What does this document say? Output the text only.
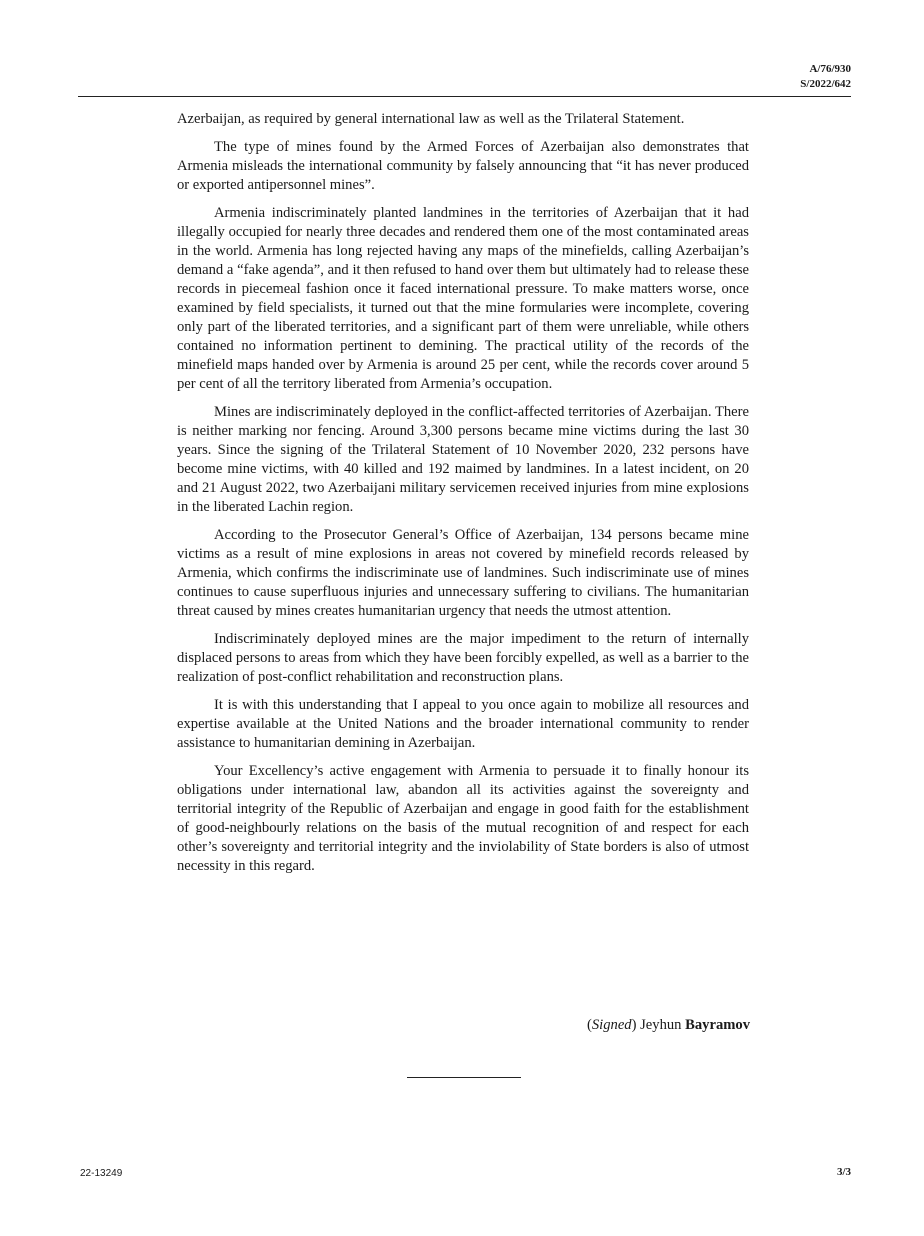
A/76/930
S/2022/642

Azerbaijan, as required by general international law as well as the Trilateral Statement.

The type of mines found by the Armed Forces of Azerbaijan also demonstrates that Armenia misleads the international community by falsely announcing that “it has never produced or exported antipersonnel mines”.

Armenia indiscriminately planted landmines in the territories of Azerbaijan that it had illegally occupied for nearly three decades and rendered them one of the most contaminated areas in the world. Armenia has long rejected having any maps of the minefields, calling Azerbaijan’s demand a “fake agenda”, and it then refused to hand over them but ultimately had to release these records in piecemeal fashion once it faced international pressure. To make matters worse, once examined by field specialists, it turned out that the mine formularies were incomplete, covering only part of the liberated territories, and a significant part of them were unreliable, while others contained no information pertinent to demining. The practical utility of the records of the minefield maps handed over by Armenia is around 25 per cent, while the records cover around 5 per cent of all the territory liberated from Armenia’s occupation.

Mines are indiscriminately deployed in the conflict-affected territories of Azerbaijan. There is neither marking nor fencing. Around 3,300 persons became mine victims during the last 30 years. Since the signing of the Trilateral Statement of 10 November 2020, 232 persons have become mine victims, with 40 killed and 192 maimed by landmines. In a latest incident, on 20 and 21 August 2022, two Azerbaijani military servicemen received injuries from mine explosions in the liberated Lachin region.

According to the Prosecutor General’s Office of Azerbaijan, 134 persons became mine victims as a result of mine explosions in areas not covered by minefield records released by Armenia, which confirms the indiscriminate use of landmines. Such indiscriminate use of mines continues to cause superfluous injuries and unnecessary suffering to civilians. The humanitarian threat caused by mines creates humanitarian urgency that needs the utmost attention.

Indiscriminately deployed mines are the major impediment to the return of internally displaced persons to areas from which they have been forcibly expelled, as well as a barrier to the realization of post-conflict rehabilitation and reconstruction plans.

It is with this understanding that I appeal to you once again to mobilize all resources and expertise available at the United Nations and the broader international community to render assistance to humanitarian demining in Azerbaijan.

Your Excellency’s active engagement with Armenia to persuade it to finally honour its obligations under international law, abandon all its activities against the sovereignty and territorial integrity of the Republic of Azerbaijan and engage in good faith for the establishment of good-neighbourly relations on the basis of the mutual recognition of and respect for each other’s sovereignty and territorial integrity and the inviolability of State borders is also of utmost necessity in this regard.

(Signed) Jeyhun Bayramov
22-13249	3/3
